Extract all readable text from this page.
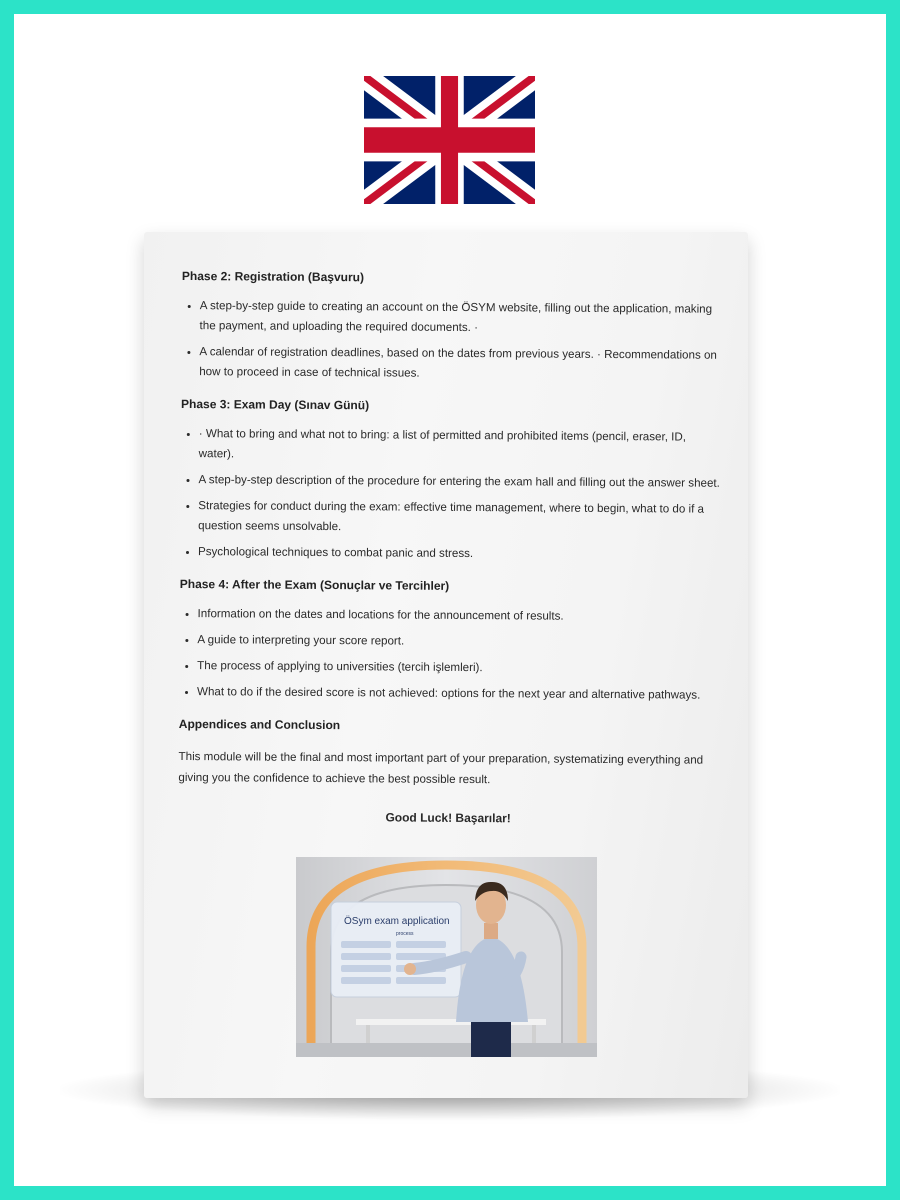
Phase 2: Registration (Başvuru)
• A step-by-step guide to creating an account on the ÖSYM website, filling out the application, making the payment, and uploading the required documents. ·
• A calendar of registration deadlines, based on the dates from previous years. · Recommendations on how to proceed in case of technical issues.
Phase 3: Exam Day (Sınav Günü)
• · What to bring and what not to bring: a list of permitted and prohibited items (pencil, eraser, ID, water).
• A step-by-step description of the procedure for entering the exam hall and filling out the answer sheet.
• Strategies for conduct during the exam: effective time management, where to begin, what to do if a question seems unsolvable.
• Psychological techniques to combat panic and stress.
Phase 4: After the Exam (Sonuçlar ve Tercihler)
• Information on the dates and locations for the announcement of results.
• A guide to interpreting your score report.
• The process of applying to universities (tercih işlemleri).
• What to do if the desired score is not achieved: options for the next year and alternative pathways.
Appendices and Conclusion

This module will be the final and most important part of your preparation, systematizing everything and giving you the confidence to achieve the best possible result.

Good Luck! Başarılar!
ÖSym exam application
process
